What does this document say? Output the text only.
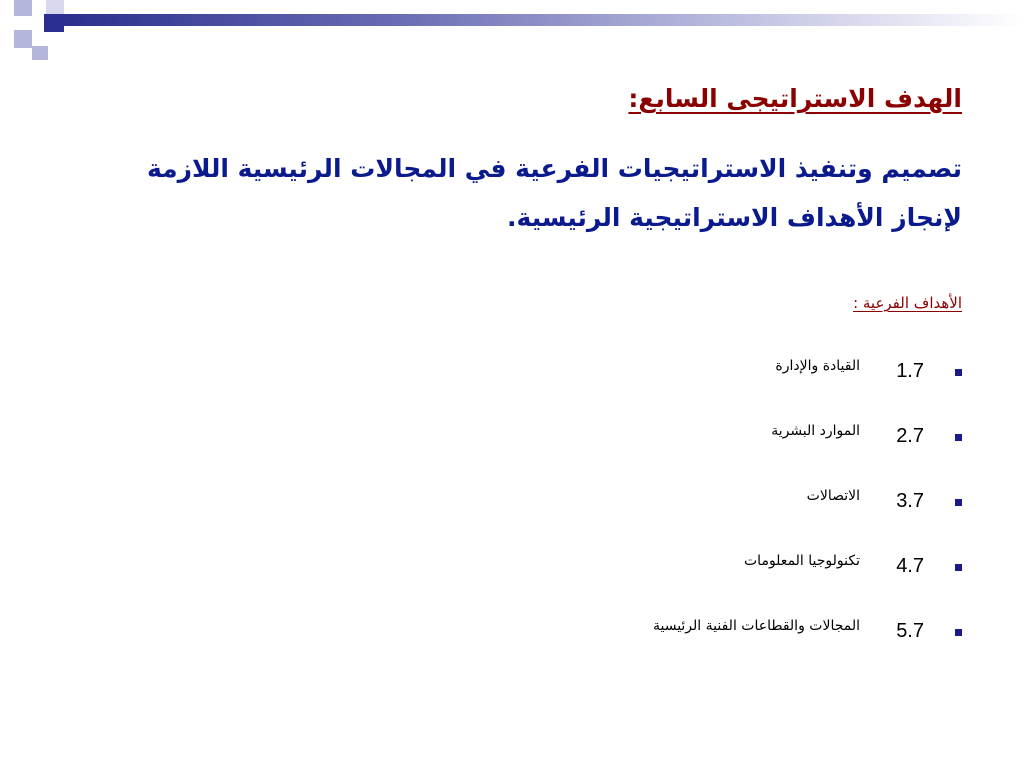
الهدف الاستراتيجى السابع:

تصميم وتنفيذ الاستراتيجيات الفرعية في المجالات الرئيسية اللازمة

لإنجاز الأهداف الاستراتيجية الرئيسية.

الأهداف الفرعية :
1.7
القيادة والإدارة
2.7
الموارد البشرية
3.7
الاتصالات
4.7
تكنولوجيا المعلومات
5.7
المجالات والقطاعات الفنية الرئيسية
